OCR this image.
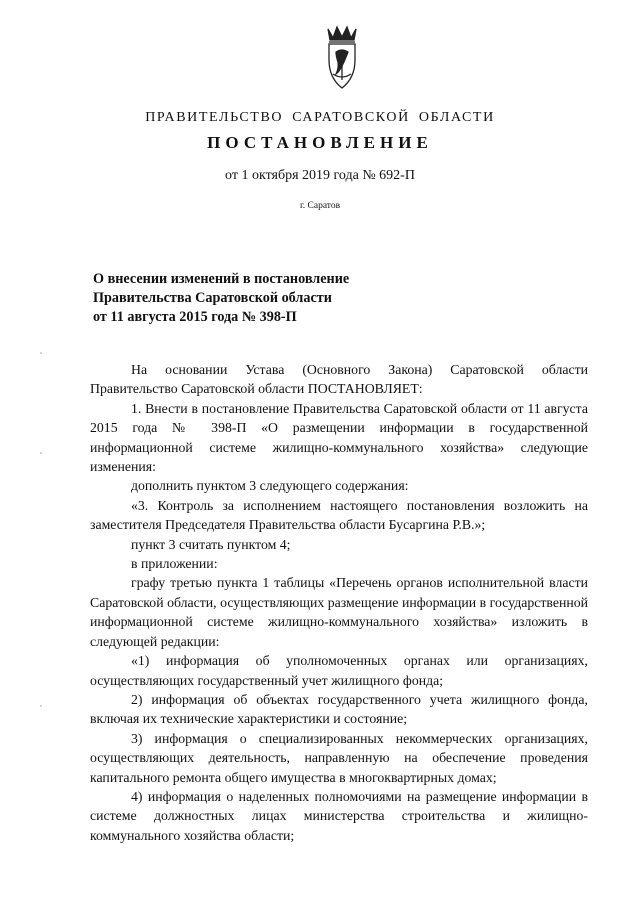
ПРАВИТЕЛЬСТВО САРАТОВСКОЙ ОБЛАСТИ
ПОСТАНОВЛЕНИЕ
от 1 октября 2019 года № 692-П
г. Саратов
О внесении изменений в постановление
Правительства Саратовской области
от 11 августа 2015 года № 398-П

На основании Устава (Основного Закона) Саратовской области Правительство Саратовской области ПОСТАНОВЛЯЕТ:

1. Внести в постановление Правительства Саратовской области от 11 августа 2015 года № 398-П «О размещении информации в государственной информационной системе жилищно-коммунального хозяйства» следующие изменения:

дополнить пунктом 3 следующего содержания:

«3. Контроль за исполнением настоящего постановления возложить на заместителя Председателя Правительства области Бусаргина Р.В.»;

пункт 3 считать пунктом 4;

в приложении:

графу третью пункта 1 таблицы «Перечень органов исполнительной власти Саратовской области, осуществляющих размещение информации в государственной информационной системе жилищно-коммунального хозяйства» изложить в следующей редакции:

«1) информация об уполномоченных органах или организациях, осуществляющих государственный учет жилищного фонда;

2) информация об объектах государственного учета жилищного фонда, включая их технические характеристики и состояние;

3) информация о специализированных некоммерческих организациях, осуществляющих деятельность, направленную на обеспечение проведения капитального ремонта общего имущества в многоквартирных домах;

4) информация о наделенных полномочиями на размещение информации в системе должностных лицах министерства строительства и жилищно-коммунального хозяйства области;
